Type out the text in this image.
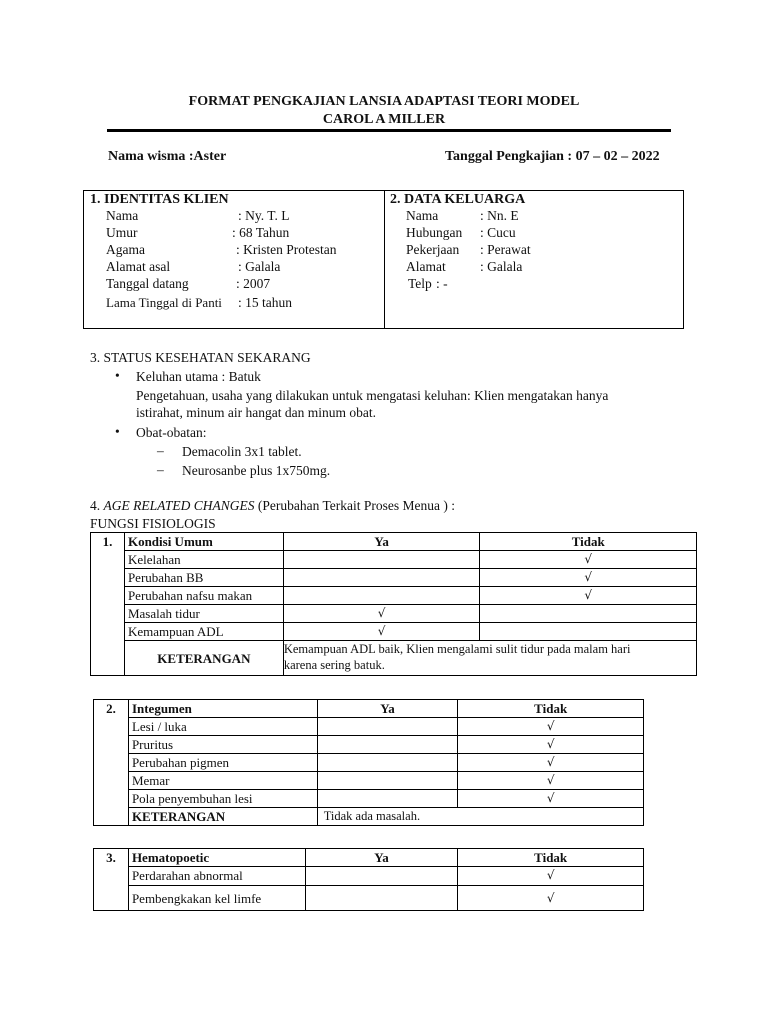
FORMAT PENGKAJIAN LANSIA ADAPTASI TEORI MODEL
CAROL A MILLER
Nama wisma :Aster	Tanggal Pengkajian : 07 – 02 – 2022
1. IDENTITAS KLIEN
Nama	: Ny. T. L
Umur	: 68 Tahun
Agama	: Kristen Protestan
Alamat asal	: Galala
Tanggal datang	: 2007
Lama Tinggal di Panti : 15 tahun
2. DATA KELUARGA
Nama	: Nn. E
Hubungan : Cucu
Pekerjaan : Perawat
Alamat	: Galala
Telp : -
3. STATUS KESEHATAN SEKARANG
• Keluhan utama : Batuk
Pengetahuan, usaha yang dilakukan untuk mengatasi keluhan: Klien mengatakan hanya
istirahat, minum air hangat dan minum obat.
• Obat-obatan:
– Demacolin 3x1 tablet.
– Neurosanbe plus 1x750mg.
4. AGE RELATED CHANGES (Perubahan Terkait Proses Menua ) :
FUNGSI FISIOLOGIS
1.	Kondisi Umum	Ya	Tidak
	Kelelahan		√
	Perubahan BB		√
	Perubahan nafsu makan		√
	Masalah tidur	√	
	Kemampuan ADL	√	
	KETERANGAN	Kemampuan ADL baik, Klien mengalami sulit tidur pada malam hari
karena sering batuk.	
2.	Integumen	Ya	Tidak
	Lesi / luka		√
	Pruritus		√
	Perubahan pigmen		√
	Memar		√
	Pola penyembuhan lesi		√
	KETERANGAN	Tidak ada masalah.	
3.	Hematopoetic	Ya	Tidak
	Perdarahan abnormal		√
	Pembengkakan kel limfe		√
